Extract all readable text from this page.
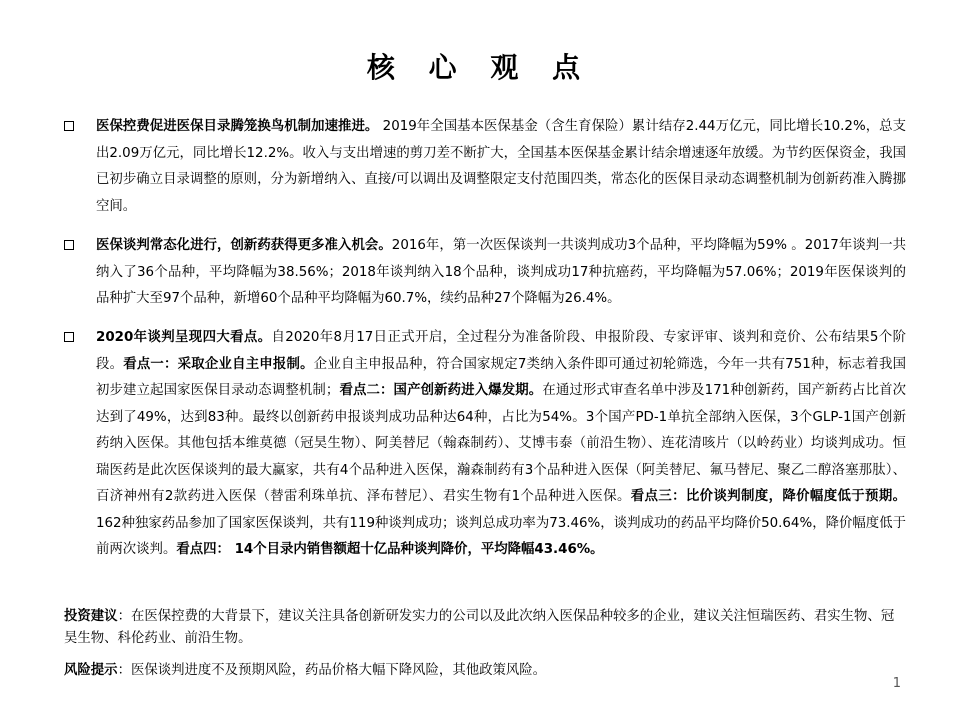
核 心 观 点
医保控费促进医保目录腾笼换鸟机制加速推进。 2019年全国基本医保基金（含生育保险）累计结存2.44万亿元，同比增长10.2%，总支出2.09万亿元，同比增长12.2%。收入与支出增速的剪刀差不断扩大，全国基本医保基金累计结余增速逐年放缓。为节约医保资金，我国已初步确立目录调整的原则，分为新增纳入、直接/可以调出及调整限定支付范围四类，常态化的医保目录动态调整机制为创新药准入腾挪空间。
医保谈判常态化进行，创新药获得更多准入机会。2016年，第一次医保谈判一共谈判成功3个品种，平均降幅为59% 。2017年谈判一共纳入了36个品种，平均降幅为38.56%；2018年谈判纳入18个品种，谈判成功17种抗癌药，平均降幅为57.06%；2019年医保谈判的品种扩大至97个品种，新增60个品种平均降幅为60.7%，续约品种27个降幅为26.4%。
2020年谈判呈现四大看点。自2020年8月17日正式开启，全过程分为准备阶段、申报阶段、专家评审、谈判和竞价、公布结果5个阶段。看点一：采取企业自主申报制。企业自主申报品种，符合国家规定7类纳入条件即可通过初轮筛选，今年一共有751种，标志着我国初步建立起国家医保目录动态调整机制；看点二：国产创新药进入爆发期。在通过形式审查名单中涉及171种创新药，国产新药占比首次达到了49%，达到83种。最终以创新药申报谈判成功品种达64种，占比为54%。3个国产PD-1单抗全部纳入医保，3个GLP-1国产创新药纳入医保。其他包括本维莫德（冠昊生物）、阿美替尼（翰森制药）、艾博韦泰（前沿生物）、连花清咳片（以岭药业）均谈判成功。恒瑞医药是此次医保谈判的最大赢家，共有4个品种进入医保，瀚森制药有3个品种进入医保（阿美替尼、氟马替尼、聚乙二醇洛塞那肽）、百济神州有2款药进入医保（替雷利珠单抗、泽布替尼）、君实生物有1个品种进入医保。看点三：比价谈判制度，降价幅度低于预期。162种独家药品参加了国家医保谈判，共有119种谈判成功；谈判总成功率为73.46%，谈判成功的药品平均降价50.64%，降价幅度低于前两次谈判。看点四： 14个目录内销售额超十亿品种谈判降价，平均降幅43.46%。
投资建议：在医保控费的大背景下，建议关注具备创新研发实力的公司以及此次纳入医保品种较多的企业，建议关注恒瑞医药、君实生物、冠昊生物、科伦药业、前沿生物。
风险提示：医保谈判进度不及预期风险，药品价格大幅下降风险，其他政策风险。
1
